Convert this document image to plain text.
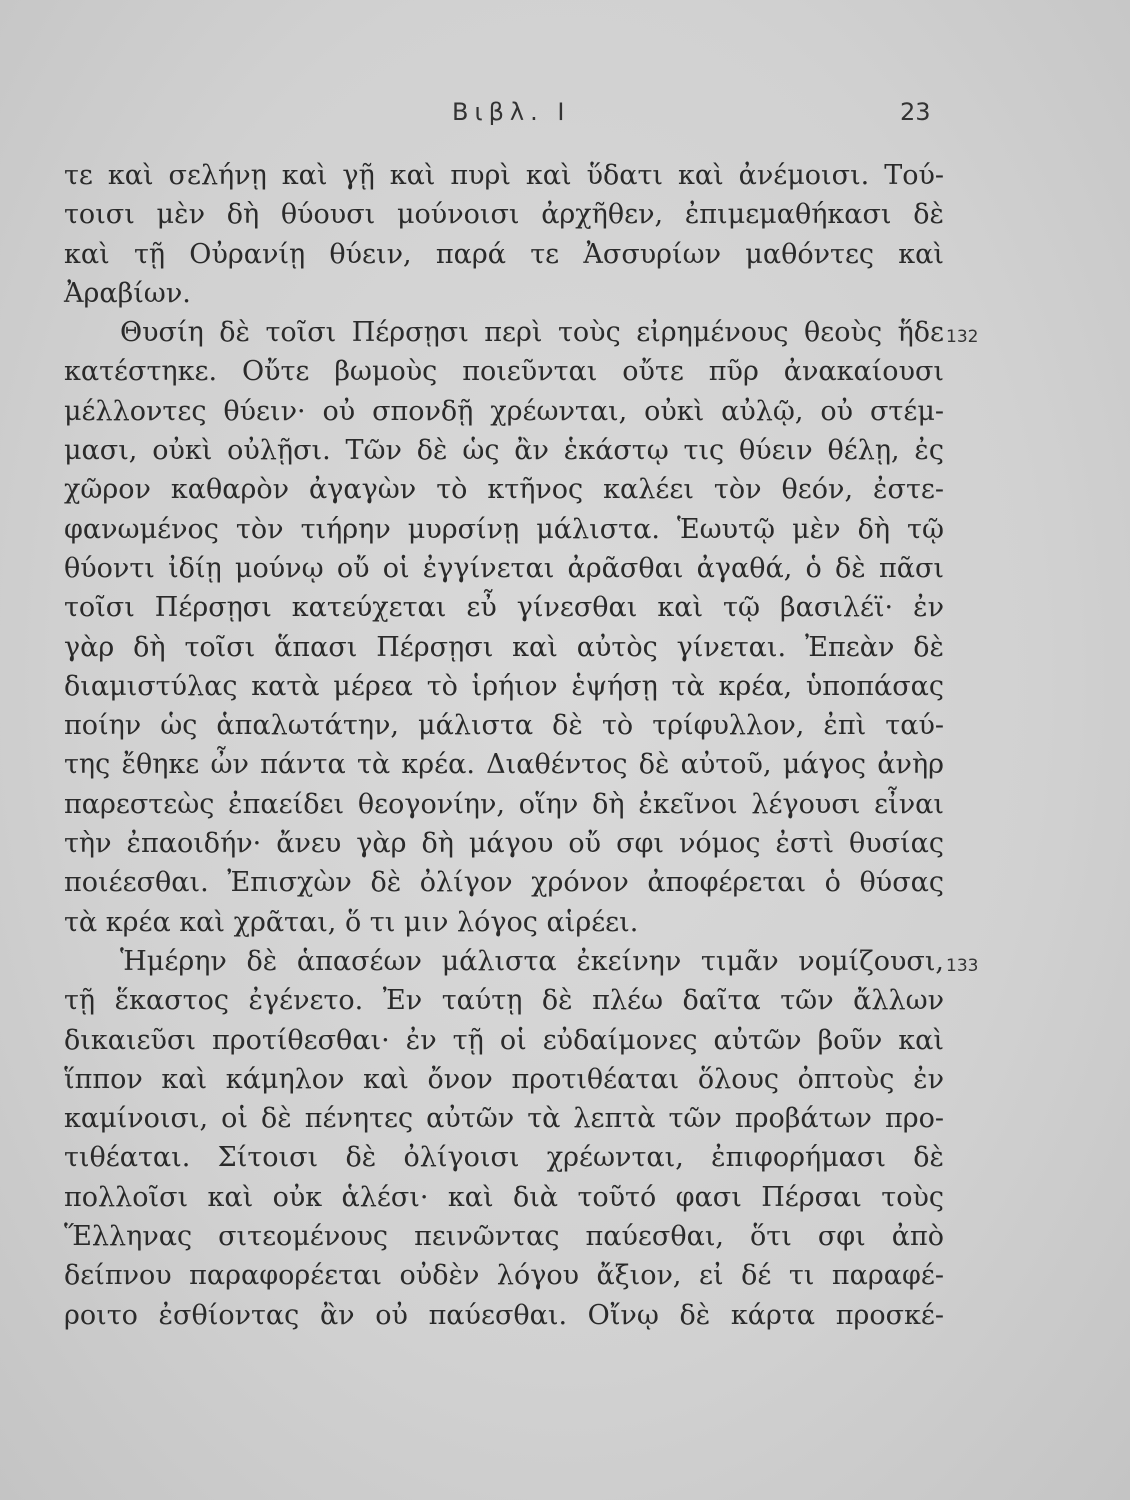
Βιβλ. Ι	23
τε καὶ σελήνῃ καὶ γῇ καὶ πυρὶ καὶ ὕδατι καὶ ἀνέμοισι. Τού-
τοισι μὲν δὴ θύουσι μούνοισι ἀρχῆθεν, ἐπιμεμαθήκασι δὲ
καὶ τῇ Οὐρανίῃ θύειν, παρά τε Ἀσσυρίων μαθόντες καὶ
Ἀραβίων.
Θυσίη δὲ τοῖσι Πέρσῃσι περὶ τοὺς εἰρημένους θεοὺς ἥδε
κατέστηκε. Οὔτε βωμοὺς ποιεῦνται οὔτε πῦρ ἀνακαίουσι
μέλλοντες θύειν· οὐ σπονδῇ χρέωνται, οὐκὶ αὐλῷ, οὐ στέμ-
μασι, οὐκὶ οὐλῇσι. Τῶν δὲ ὡς ἂν ἑκάστῳ τις θύειν θέλῃ, ἐς
χῶρον καθαρὸν ἀγαγὼν τὸ κτῆνος καλέει τὸν θεόν, ἐστε-
φανωμένος τὸν τιήρην μυρσίνῃ μάλιστα. Ἑωυτῷ μὲν δὴ τῷ
θύοντι ἰδίῃ μούνῳ οὔ οἱ ἐγγίνεται ἀρᾶσθαι ἀγαθά, ὁ δὲ πᾶσι
τοῖσι Πέρσῃσι κατεύχεται εὖ γίνεσθαι καὶ τῷ βασιλέϊ· ἐν
γὰρ δὴ τοῖσι ἅπασι Πέρσῃσι καὶ αὐτὸς γίνεται. Ἐπεὰν δὲ
διαμιστύλας κατὰ μέρεα τὸ ἱρήιον ἑψήσῃ τὰ κρέα, ὑποπάσας
ποίην ὡς ἁπαλωτάτην, μάλιστα δὲ τὸ τρίφυλλον, ἐπὶ ταύ-
της ἔθηκε ὦν πάντα τὰ κρέα. Διαθέντος δὲ αὐτοῦ, μάγος ἀνὴρ
παρεστεὼς ἐπαείδει θεογονίην, οἵην δὴ ἐκεῖνοι λέγουσι εἶναι
τὴν ἐπαοιδήν· ἄνευ γὰρ δὴ μάγου οὔ σφι νόμος ἐστὶ θυσίας
ποιέεσθαι. Ἐπισχὼν δὲ ὀλίγον χρόνον ἀποφέρεται ὁ θύσας
τὰ κρέα καὶ χρᾶται, ὅ τι μιν λόγος αἱρέει.
Ἡμέρην δὲ ἁπασέων μάλιστα ἐκείνην τιμᾶν νομίζουσι,
τῇ ἕκαστος ἐγένετο. Ἐν ταύτῃ δὲ πλέω δαῖτα τῶν ἄλλων
δικαιεῦσι προτίθεσθαι· ἐν τῇ οἱ εὐδαίμονες αὐτῶν βοῦν καὶ
ἵππον καὶ κάμηλον καὶ ὄνον προτιθέαται ὅλους ὀπτοὺς ἐν
καμίνοισι, οἱ δὲ πένητες αὐτῶν τὰ λεπτὰ τῶν προβάτων προ-
τιθέαται. Σίτοισι δὲ ὀλίγοισι χρέωνται, ἐπιφορήμασι δὲ
πολλοῖσι καὶ οὐκ ἁλέσι· καὶ διὰ τοῦτό φασι Πέρσαι τοὺς
Ἕλληνας σιτεομένους πεινῶντας παύεσθαι, ὅτι σφι ἀπὸ
δείπνου παραφορέεται οὐδὲν λόγου ἄξιον, εἰ δέ τι παραφέ-
ροιτο ἐσθίοντας ἂν οὐ παύεσθαι. Οἴνῳ δὲ κάρτα προσκέ-
132
133
